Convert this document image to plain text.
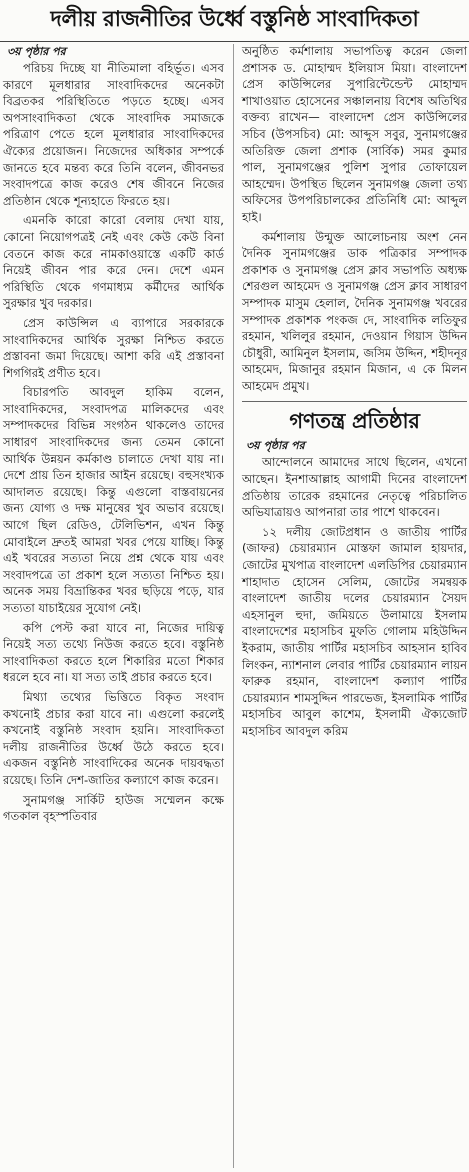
দলীয় রাজনীতির উর্ধ্বে বস্তুনিষ্ঠ সাংবাদিকতা
৩য় পৃষ্ঠার পর

পরিচয় দিচ্ছে যা নীতিমালা বহির্ভূত। এসব কারণে মূলধারার সাংবাদিকদের অনেকটা বিব্রতকর পরিস্থিতিতে পড়তে হচ্ছে। এসব অপসাংবাদিকতা থেকে সাংবাদিক সমাজকে পরিত্রাণ পেতে হলে মূলধারার সাংবাদিকদের ঐক্যের প্রয়োজন। নিজেদের অধিকার সম্পর্কে জানতে হবে মন্তব্য করে তিনি বলেন, জীবনভর সংবাদপত্রে কাজ করেও শেষ জীবনে নিজের প্রতিষ্ঠান থেকে শূন্যহাতে ফিরতে হয়।

এমনকি কারো কারো বেলায় দেখা যায়, কোনো নিয়োগপত্রই নেই এবং কেউ কেউ বিনা বেতনে কাজ করে নামকাওয়াস্তে একটি কার্ড নিয়েই জীবন পার করে দেন। দেশে এমন পরিস্থিতি থেকে গণমাধ্যম কর্মীদের আর্থিক সুরক্ষার খুব দরকার।

প্রেস কাউন্সিল এ ব্যাপারে সরকারকে সাংবাদিকদের আর্থিক সুরক্ষা নিশ্চিত করতে প্রস্তাবনা জমা দিয়েছে। আশা করি এই প্রস্তাবনা শিগগিরই প্রণীত হবে।

বিচারপতি আবদুল হাকিম বলেন, সাংবাদিকদের, সংবাদপত্র মালিকদের এবং সম্পাদকদের বিভিন্ন সংগঠন থাকলেও তাদের সাধারণ সাংবাদিকদের জন্য তেমন কোনো আর্থিক উন্নয়ন কর্মকাণ্ড চালাতে দেখা যায় না। দেশে প্রায় তিন হাজার আইন রয়েছে। বহুসংখ্যক আদালত রয়েছে। কিন্তু এগুলো বাস্তবায়নের জন্য যোগ্য ও দক্ষ মানুষের খুব অভাব রয়েছে। আগে ছিল রেডিও, টেলিভিশন, এখন কিন্তু মোবাইলে দ্রুতই আমরা খবর পেয়ে যাচ্ছি। কিন্তু এই খবরের সত্যতা নিয়ে প্রশ্ন থেকে যায় এবং সংবাদপত্রে তা প্রকাশ হলে সত্যতা নিশ্চিত হয়। অনেক সময় বিভ্রান্তিকর খবর ছড়িয়ে পড়ে, যার সত্যতা যাচাইয়ের সুযোগ নেই।

কপি পেস্ট করা যাবে না, নিজের দায়িত্ব নিয়েই সত্য তথ্যে নিউজ করতে হবে। বস্তুনিষ্ঠ সাংবাদিকতা করতে হলে শিকারির মতো শিকার ধরলে হবে না। যা সত্য তাই প্রচার করতে হবে।

মিথ্যা তথ্যের ভিত্তিতে বিকৃত সংবাদ কখনোই প্রচার করা যাবে না। এগুলো করলেই কখনোই বস্তুনিষ্ঠ সংবাদ হয়নি। সাংবাদিকতা দলীয় রাজনীতির উর্ধ্বে উঠে করতে হবে। একজন বস্তুনিষ্ঠ সাংবাদিকের অনেক দায়বদ্ধতা রয়েছে। তিনি দেশ-জাতির কল্যাণে কাজ করেন।

সুনামগঞ্জ সার্কিট হাউজ সম্মেলন কক্ষে গতকাল বৃহস্পতিবার

অনুষ্ঠিত কর্মশালায় সভাপতিত্ব করেন জেলা প্রশাসক ড. মোহাম্মদ ইলিয়াস মিয়া। বাংলাদেশ প্রেস কাউন্সিলের সুপারিন্টেন্ডেন্ট মোহাম্মদ শাখাওয়াত হোসেনের সঞ্চালনায় বিশেষ অতিথির বক্তব্য রাখেন— বাংলাদেশ প্রেস কাউন্সিলের সচিব (উপসচিব) মো: আব্দুস সবুর, সুনামগঞ্জের অতিরিক্ত জেলা প্রশাক (সার্বিক) সমর কুমার পাল, সুনামগঞ্জের পুলিশ সুপার তোফায়েল আহম্মেদ। উপস্থিত ছিলেন সুনামগঞ্জ জেলা তথ্য অফিসের উপপরিচালকের প্রতিনিধি মো: আব্দুল হাই।

কর্মশালায় উন্মুক্ত আলোচনায় অংশ নেন দৈনিক সুনামগঞ্জের ডাক পত্রিকার সম্পাদক প্রকাশক ও সুনামগঞ্জ প্রেস ক্লাব সভাপতি অধ্যক্ষ শেরগুল আহমেদ ও সুনামগঞ্জ প্রেস ক্লাব সাধারণ সম্পাদক মাসুম হেলাল, দৈনিক সুনামগঞ্জ খবরের সম্পাদক প্রকাশক পংকজ দে, সাংবাদিক লতিফুর রহমান, খলিলুর রহমান, দেওয়ান গিয়াস উদ্দিন চৌধুরী, আমিনুল ইসলাম, জসিম উদ্দিন, শহীদনূর আহমেদ, মিজানুর রহমান মিজান, এ কে মিলন আহমেদ প্রমুখ।

গণতন্ত্র প্রতিষ্ঠার
৩য় পৃষ্ঠার পর

আন্দোলনে আমাদের সাথে ছিলেন, এখনো আছেন। ইনশাআল্লাহ আগামী দিনের বাংলাদেশ প্রতিষ্ঠায় তারেক রহমানের নেতৃত্বে পরিচালিত অভিযাত্রায়ও আপনারা তার পাশে থাকবেন।

১২ দলীয় জোটপ্রধান ও জাতীয় পার্টির (জাফর) চেয়ারম্যান মোস্তফা জামাল হায়দার, জোটের মুখপাত্র বাংলাদেশ এলডিপির চেয়ারম্যান শাহাদাত হোসেন সেলিম, জোটের সমন্বয়ক বাংলাদেশ জাতীয় দলের চেয়ারম্যান সৈয়দ এহসানুল হুদা, জমিয়তে উলামায়ে ইসলাম বাংলাদেশের মহাসচিব মুফতি গোলাম মহিউদ্দিন ইকরাম, জাতীয় পার্টির মহাসচিব আহসান হাবিব লিংকন, ন্যাশনাল লেবার পার্টির চেয়ারম্যান লায়ন ফারুক রহমান, বাংলাদেশ কল্যাণ পার্টির চেয়ারম্যান শামসুদ্দিন পারভেজ, ইসলামিক পার্টির মহাসচিব আবুল কাশেম, ইসলামী ঐক্যজোট মহাসচিব আবদুল করিম
